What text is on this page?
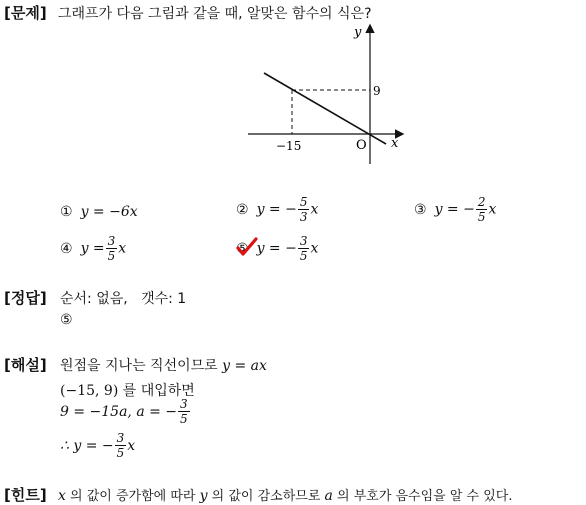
[문제] 그래프가 다음 그림과 같을 때, 알맞은 함수의 식은?
y
x
O
−15
9
① y = −6x	② y = − $\frac{5}{3}$ x	③ y = − $\frac{2}{5}$ x
④ $y = \frac{3}{5}$ x	⑤ y = − $\frac{3}{5}$ x
[정답] 순서: 없음,   갯수: 1
⑤
[해설] 원점을 지나는 직선이므로 y = ax
(−15, 9) 를 대입하면
9 = −15a, a = − $\frac{3}{5}$
∴ y = − $\frac{3}{5}$ x
[힌트] x 의 값이 증가함에 따라 y 의 값이 감소하므로 a 의 부호가 음수임을 알 수 있다.
